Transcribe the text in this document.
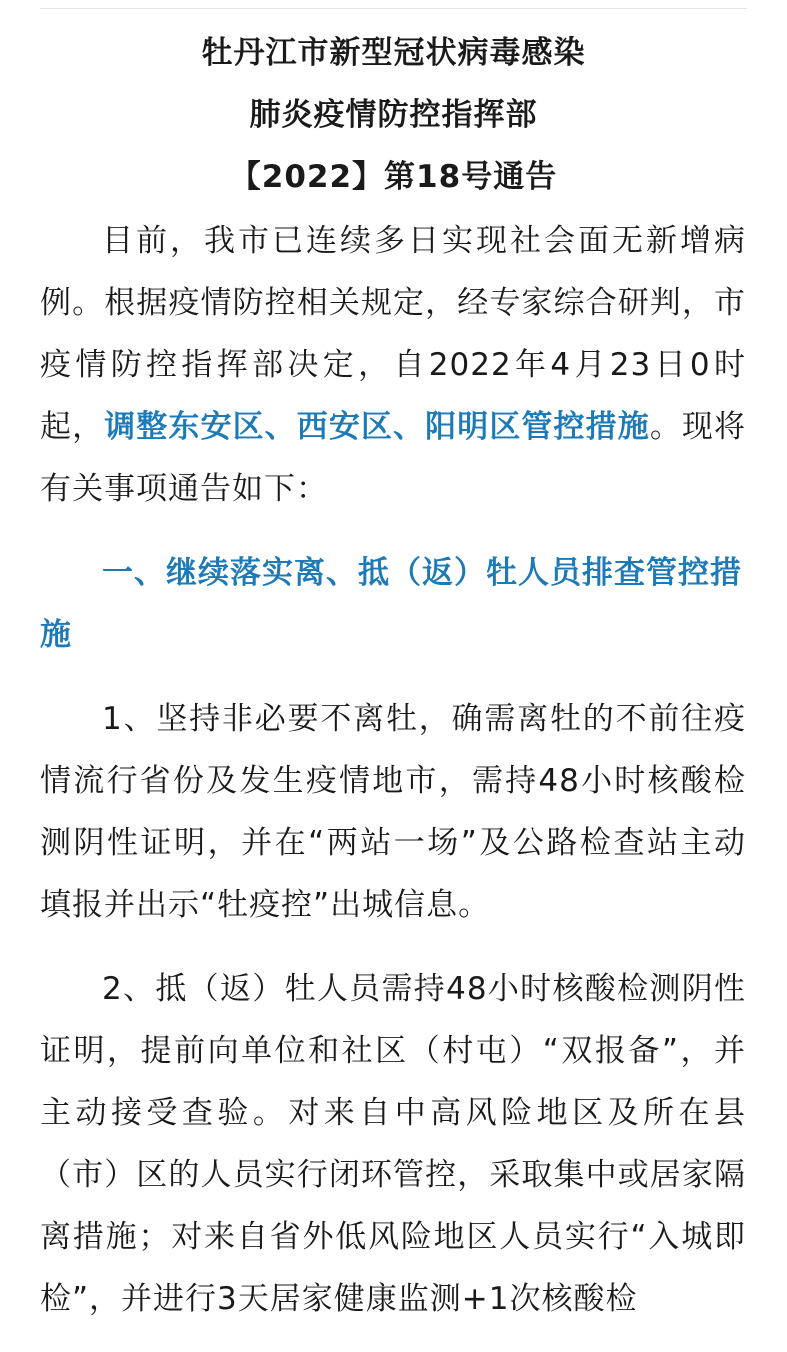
牡丹江市新型冠状病毒感染
肺炎疫情防控指挥部
【2022】第18号通告

目前，我市已连续多日实现社会面无新增病例。根据疫情防控相关规定，经专家综合研判，市疫情防控指挥部决定，自2022年4月23日0时起，调整东安区、西安区、阳明区管控措施。现将有关事项通告如下：

一、继续落实离、抵（返）牡人员排查管控措施

1、坚持非必要不离牡，确需离牡的不前往疫情流行省份及发生疫情地市，需持48小时核酸检测阴性证明，并在“两站一场”及公路检查站主动填报并出示“牡疫控”出城信息。

2、抵（返）牡人员需持48小时核酸检测阴性证明，提前向单位和社区（村屯）“双报备”，并主动接受查验。对来自中高风险地区及所在县（市）区的人员实行闭环管控，采取集中或居家隔离措施；对来自省外低风险地区人员实行“入城即检”，并进行3天居家健康监测+1次核酸检
